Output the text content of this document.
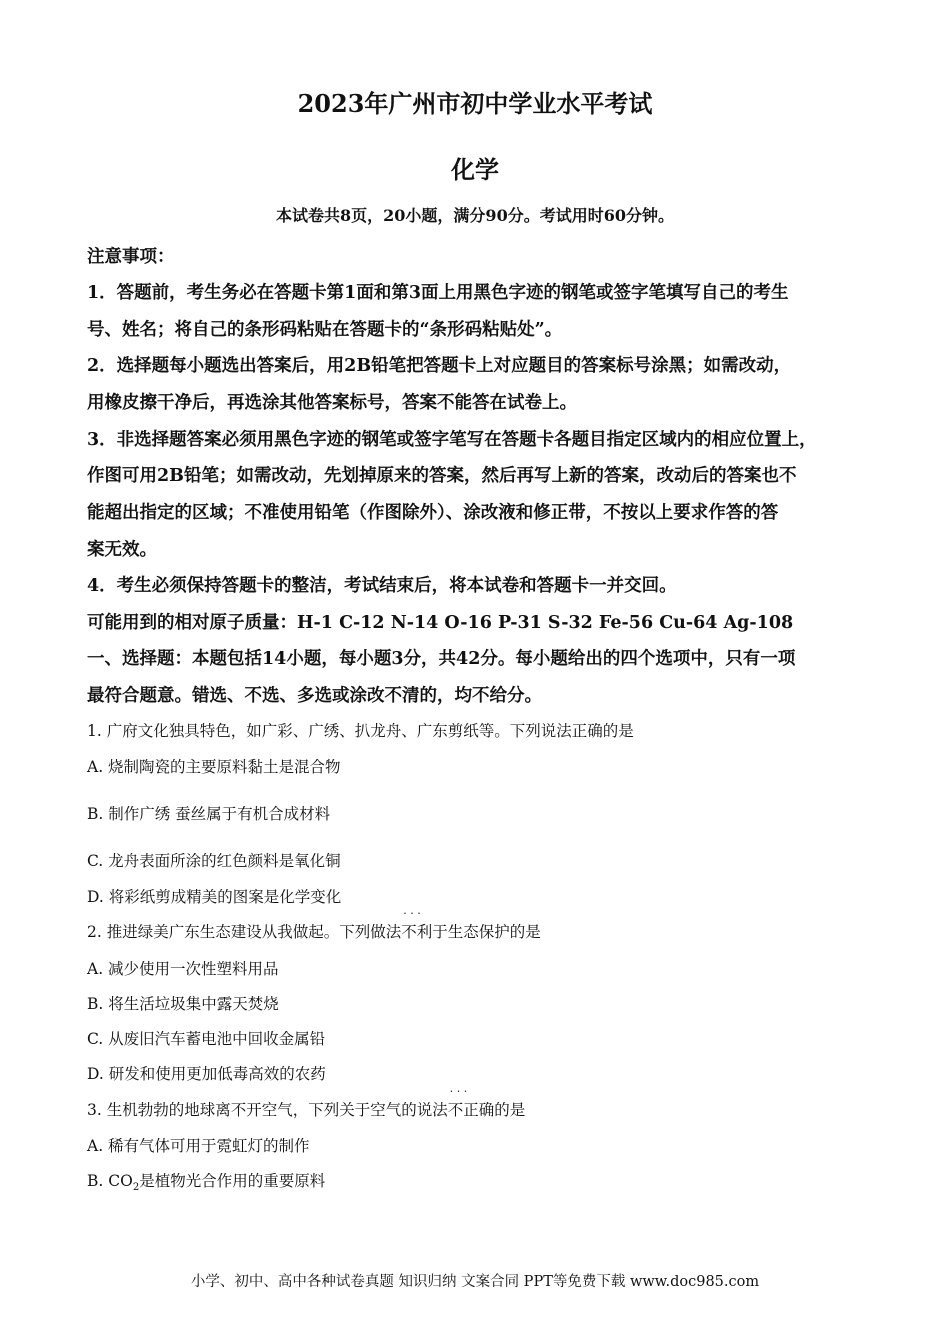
2023年广州市初中学业水平考试
化学
本试卷共8页，20小题，满分90分。考试用时60分钟。
注意事项：
1．答题前，考生务必在答题卡第1面和第3面上用黑色字迹的钢笔或签字笔填写自己的考生
号、姓名；将自己的条形码粘贴在答题卡的“条形码粘贴处”。
2．选择题每小题选出答案后，用2B铅笔把答题卡上对应题目的答案标号涂黑；如需改动，
用橡皮擦干净后，再选涂其他答案标号，答案不能答在试卷上。
3．非选择题答案必须用黑色字迹的钢笔或签字笔写在答题卡各题目指定区域内的相应位置上，
作图可用2B铅笔；如需改动，先划掉原来的答案，然后再写上新的答案，改动后的答案也不
能超出指定的区域；不准使用铅笔（作图除外）、涂改液和修正带，不按以上要求作答的答
案无效。
4．考生必须保持答题卡的整洁，考试结束后，将本试卷和答题卡一并交回。
可能用到的相对原子质量：H-1 C-12 N-14 O-16 P-31 S-32 Fe-56 Cu-64 Ag-108
一、选择题：本题包括14小题，每小题3分，共42分。每小题给出的四个选项中，只有一项
最符合题意。错选、不选、多选或涂改不清的，均不给分。
1. 广府文化独具特色，如广彩、广绣、扒龙舟、广东剪纸等。下列说法正确的是
A. 烧制陶瓷的主要原料黏土是混合物
B. 制作广绣 蚕丝属于有机合成材料
C. 龙舟表面所涂的红色颜料是氧化铜
D. 将彩纸剪成精美的图案是化学变化
2. 推进绿美广东生态建设从我做起。下列做法· · · 不利于生态保护的是
A. 减少使用一次性塑料用品
B. 将生活垃圾集中露天焚烧
C. 从废旧汽车蓄电池中回收金属铅
D. 研发和使用更加低毒高效的农药
3. 生机勃勃的地球离不开空气，下列关于空气的说法· · · 不正确的是
A. 稀有气体可用于霓虹灯的制作
B. $CO_2$是植物光合作用的重要原料
小学、初中、高中各种试卷真题 知识归纳 文案合同 PPT等免费下载 www.doc985.com
